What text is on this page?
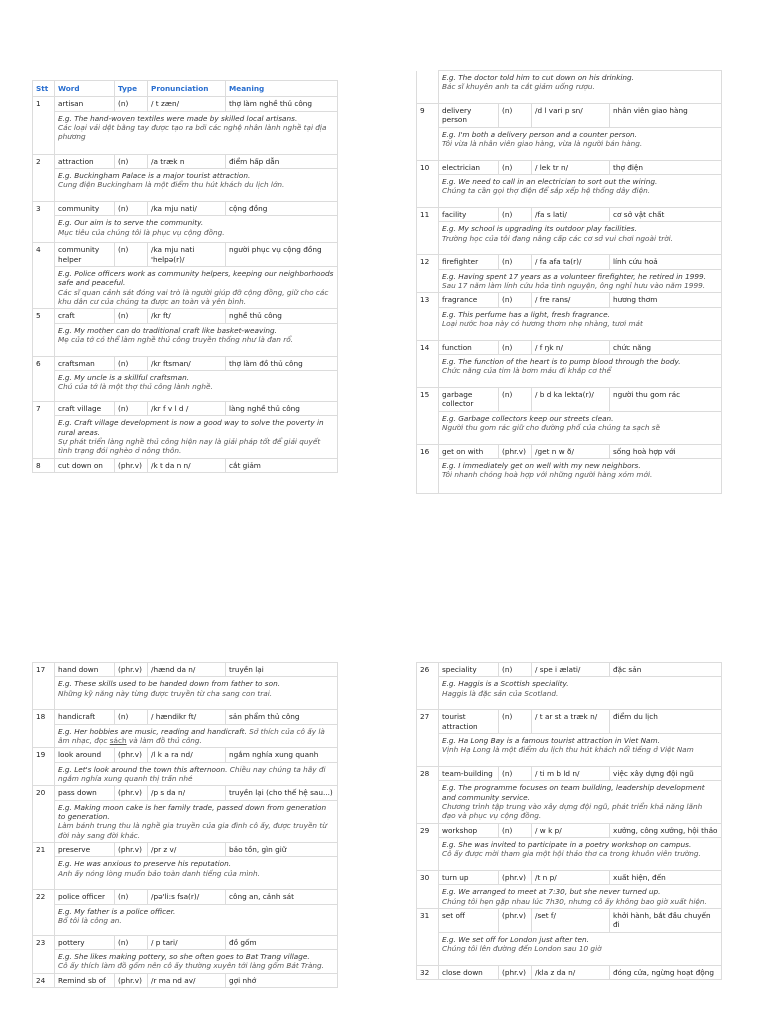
Stt	Word	Type	Pronunciation	Meaning
1	artisan	(n)	/ t zæn/	thợ làm nghề thủ công

	E.g. The hand-woven textiles were made by skilled local artisans.
Các loại vải dệt bằng tay được tạo ra bởi các nghệ nhân lành nghề tại địa phương			

2	attraction	(n)	/a træk n	điểm hấp dẫn

	E.g. Buckingham Palace is a major tourist attraction.
Cung điện Buckingham là một điểm thu hút khách du lịch lớn.			

3	community	(n)	/ka mju nati/	cộng đồng

	E.g. Our aim is to serve the community.
Mục tiêu của chúng tôi là phục vụ cộng đồng.			

4	community helper	(n)	/ka mju nati 'helpə(r)/	người phục vụ cộng đồng

	E.g. Police officers work as community helpers, keeping our neighborhoods safe and peaceful.
Các sĩ quan cảnh sát đóng vai trò là người giúp đỡ cộng đồng, giữ cho các khu dân cư của chúng ta được an toàn và yên bình.			

5	craft	(n)	/kr ft/	nghề thủ công

	E.g. My mother can do traditional craft like basket-weaving.
Mẹ của tớ có thể làm nghề thủ công truyền thống như là đan rổ.			

6	craftsman	(n)	/kr ftsman/	thợ làm đồ thủ công

	E.g. My uncle is a skillful craftsman.
Chú của tớ là một thợ thủ công lành nghề.			

7	craft village	(n)	/kr f v l d /	làng nghề thủ công

	E.g. Craft village development is now a good way to solve the poverty in rural areas.
Sự phát triển làng nghề thủ công hiện nay là giải pháp tốt để giải quyết tình trạng đói nghèo ở nông thôn.			

8	cut down on	(phr.v)	/k t da n n/	cắt giảm

	E.g. The doctor told him to cut down on his drinking.
Bác sĩ khuyên anh ta cắt giảm uống rượu.			

9	delivery person	(n)	/d l vari p sn/	nhân viên giao hàng

	E.g. I'm both a delivery person and a counter person.
Tôi vừa là nhân viên giao hàng, vừa là người bán hàng.			

10	electrician	(n)	/ lek tr n/	thợ điện

	E.g. We need to call in an electrician to sort out the wiring.
Chúng ta cần gọi thợ điện để sắp xếp hệ thống dây điện.			

11	facility	(n)	/fa s lati/	cơ sở vật chất

	E.g. My school is upgrading its outdoor play facilities.
Trường học của tôi đang nâng cấp các cơ sở vui chơi ngoài trời.			

12	firefighter	(n)	/ fa afa ta(r)/	lính cứu hoả

	E.g. Having spent 17 years as a volunteer firefighter, he retired in 1999.
Sau 17 năm làm lính cứu hỏa tình nguyện, ông nghỉ hưu vào năm 1999.			

13	fragrance	(n)	/ fre rans/	hương thơm

	E.g. This perfume has a light, fresh fragrance.
Loại nước hoa này có hương thơm nhẹ nhàng, tươi mát			

14	function	(n)	/ f ŋk n/	chức năng

	E.g. The function of the heart is to pump blood through the body.
Chức năng của tim là bơm máu đi khắp cơ thể			

15	garbage collector	(n)	/ b d ka lekta(r)/	người thu gom rác

	E.g. Garbage collectors keep our streets clean.
Người thu gom rác giữ cho đường phố của chúng ta sạch sẽ			

16	get on with	(phr.v)	/get n w ð/	sống hoà hợp với

	E.g. I immediately get on well with my new neighbors.
Tôi nhanh chóng hoà hợp với những người hàng xóm mới.			
17	hand down	(phr.v)	/hænd da n/	truyền lại

	E.g. These skills used to be handed down from father to son.
Những kỹ năng này từng được truyền từ cha sang con trai.			

18	handicraft	(n)	/ hændikr ft/	sản phẩm thủ công
	E.g. Her hobbies are music, reading and handicraft. Sở thích của cô ấy là âm nhạc, đọc sách và làm đồ thủ công.			
19	look around	(phr.v)	/l k a ra nd/	ngắm nghía xung quanh
	E.g. Let's look around the town this afternoon. Chiều nay chúng ta hãy đi ngắm nghía xung quanh thị trấn nhé			
20	pass down	(phr.v)	/p s da n/	truyền lại (cho thế hệ sau...)

	E.g. Making moon cake is her family trade, passed down from generation to generation.
Làm bánh trung thu là nghề gia truyền của gia đình cô ấy, được truyền từ đời này sang đời khác.			

21	preserve	(phr.v)	/pr z v/	bảo tồn, gìn giữ

	E.g. He was anxious to preserve his reputation.
Anh ấy nóng lòng muốn bảo toàn danh tiếng của mình.			

22	police officer	(n)	/pə'li:s fsa(r)/	công an, cảnh sát

	E.g. My father is a police officer.
Bố tôi là công an.			

23	pottery	(n)	/ p tari/	đồ gốm

	E.g. She likes making pottery, so she often goes to Bat Trang village.
Cô ấy thích làm đồ gốm nên cô ấy thường xuyên tới làng gốm Bát Tràng.			

24	Remind sb of	(phr.v)	/r ma nd av/	gợi nhớ
26	speciality	(n)	/ spe i ælati/	đặc sản

	E.g. Haggis is a Scottish speciality.
Haggis là đặc sản của Scotland.			

27	tourist attraction	(n)	/ t ar st a træk n/	điểm du lịch

	E.g. Ha Long Bay is a famous tourist attraction in Viet Nam.
Vịnh Hạ Long là một điểm du lịch thu hút khách nổi tiếng ở Việt Nam			

28	team-building	(n)	/ ti m b ld n/	việc xây dựng đội ngũ

	E.g. The programme focuses on team building, leadership development and community service.
Chương trình tập trung vào xây dựng đội ngũ, phát triển khả năng lãnh đạo và phục vụ cộng đồng.			

29	workshop	(n)	/ w k p/	xưởng, công xưởng, hội thảo

	E.g. She was invited to participate in a poetry workshop on campus.
Cô ấy được mời tham gia một hội thảo thơ ca trong khuôn viên trường.			

30	turn up	(phr.v)	/t n p/	xuất hiện, đến

	E.g. We arranged to meet at 7:30, but she never turned up.
Chúng tôi hẹn gặp nhau lúc 7h30, nhưng cô ấy không bao giờ xuất hiện.			

31	set off	(phr.v)	/set f/	khởi hành, bắt đầu chuyến đi

	E.g. We set off for London just after ten.
Chúng tôi lên đường đến London sau 10 giờ			

32	close down	(phr.v)	/kla z da n/	đóng cửa, ngừng hoạt động
